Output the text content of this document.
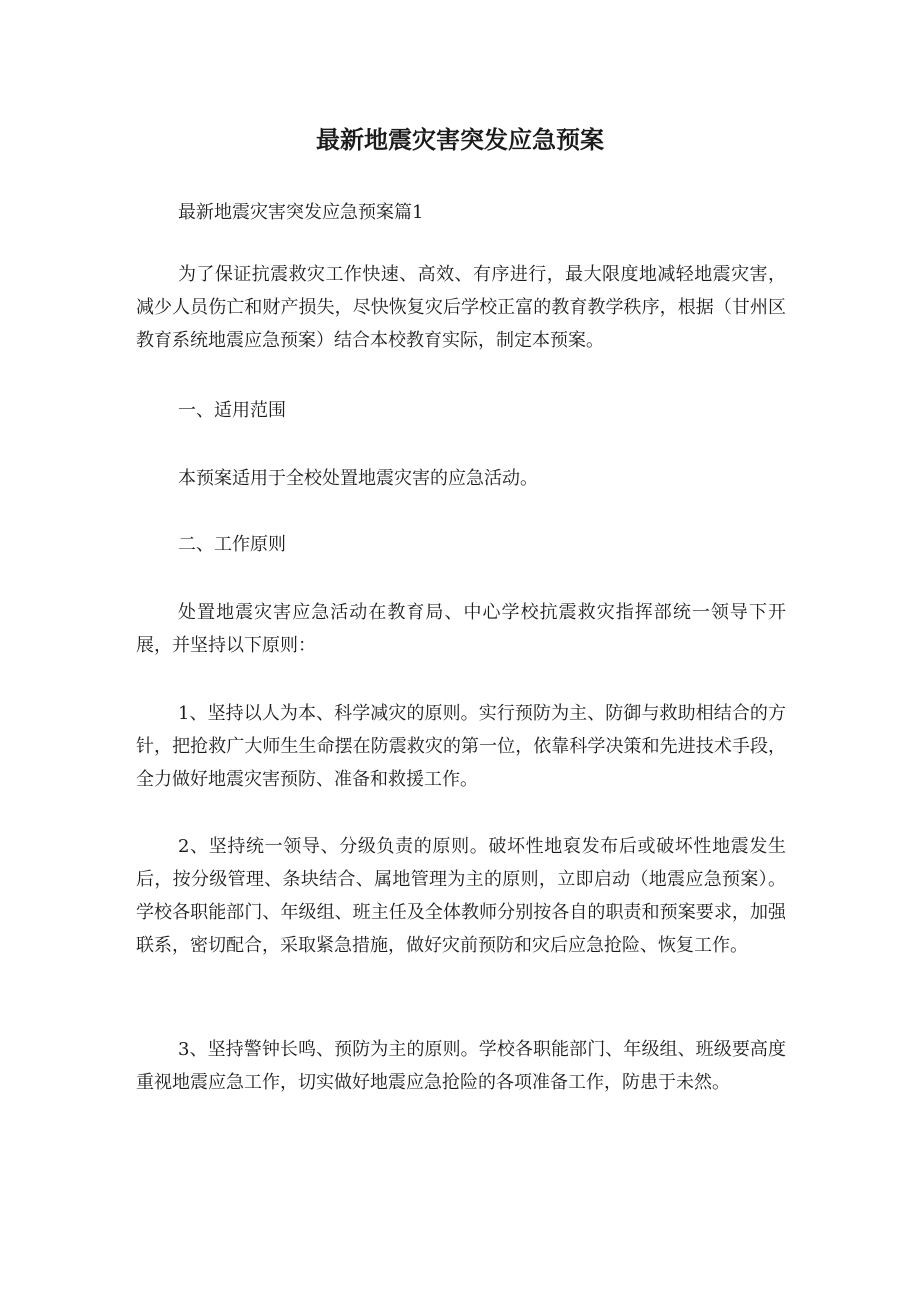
最新地震灾害突发应急预案

最新地震灾害突发应急预案篇1

为了保证抗震救灾工作快速、高效、有序进行，最大限度地减轻地震灾害，减少人员伤亡和财产损失，尽快恢复灾后学校正富的教育教学秩序，根据（甘州区教育系统地震应急预案）结合本校教育实际，制定本预案。

一、适用范围

本预案适用于全校处置地震灾害的应急活动。

二、工作原则

处置地震灾害应急活动在教育局、中心学校抗震救灾指挥部统一领导下开展，并坚持以下原则：

1、坚持以人为本、科学减灾的原则。实行预防为主、防御与救助相结合的方针，把抢救广大师生生命摆在防震救灾的第一位，依靠科学决策和先进技术手段，全力做好地震灾害预防、准备和救援工作。

2、坚持统一领导、分级负责的原则。破坏性地裒发布后或破坏性地震发生后，按分级管理、条块结合、属地管理为主的原则，立即启动（地震应急预案）。学校各职能部门、年级组、班主任及全体教师分别按各自的职责和预案要求，加强联系，密切配合，采取紧急措施，做好灾前预防和灾后应急抢险、恢复工作。

3、坚持警钟长鸣、预防为主的原则。学校各职能部门、年级组、班级要高度重视地震应急工作，切实做好地震应急抢险的各项准备工作，防患于未然。
